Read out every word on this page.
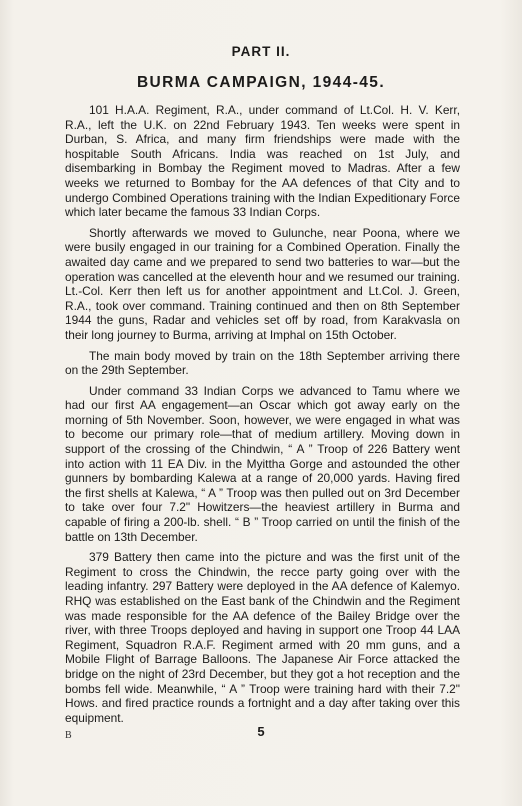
PART II.
BURMA CAMPAIGN, 1944-45.

101 H.A.A. Regiment, R.A., under command of Lt.Col. H. V. Kerr, R.A., left the U.K. on 22nd February 1943. Ten weeks were spent in Durban, S. Africa, and many firm friendships were made with the hospitable South Africans. India was reached on 1st July, and disembarking in Bombay the Regiment moved to Madras. After a few weeks we returned to Bombay for the AA defences of that City and to undergo Combined Operations training with the Indian Expeditionary Force which later became the famous 33 Indian Corps.

Shortly afterwards we moved to Gulunche, near Poona, where we were busily engaged in our training for a Combined Operation. Finally the awaited day came and we prepared to send two batteries to war—but the operation was cancelled at the eleventh hour and we resumed our training. Lt.-Col. Kerr then left us for another appointment and Lt.Col. J. Green, R.A., took over command. Training continued and then on 8th September 1944 the guns, Radar and vehicles set off by road, from Karakvasla on their long journey to Burma, arriving at Imphal on 15th October.

The main body moved by train on the 18th September arriving there on the 29th September.

Under command 33 Indian Corps we advanced to Tamu where we had our first AA engagement—an Oscar which got away early on the morning of 5th November. Soon, however, we were engaged in what was to become our primary role—that of medium artillery. Moving down in support of the crossing of the Chindwin, “ A ” Troop of 226 Battery went into action with 11 EA Div. in the Myittha Gorge and astounded the other gunners by bombarding Kalewa at a range of 20,000 yards. Having fired the first shells at Kalewa, “ A ” Troop was then pulled out on 3rd December to take over four 7.2" Howitzers—the heaviest artillery in Burma and capable of firing a 200-lb. shell. “ B ” Troop carried on until the finish of the battle on 13th December.

379 Battery then came into the picture and was the first unit of the Regiment to cross the Chindwin, the recce party going over with the leading infantry. 297 Battery were deployed in the AA defence of Kalemyo. RHQ was established on the East bank of the Chindwin and the Regiment was made responsible for the AA defence of the Bailey Bridge over the river, with three Troops deployed and having in support one Troop 44 LAA Regiment, Squadron R.A.F. Regiment armed with 20 mm guns, and a Mobile Flight of Barrage Balloons. The Japanese Air Force attacked the bridge on the night of 23rd December, but they got a hot reception and the bombs fell wide. Meanwhile, “ A ” Troop were training hard with their 7.2" Hows. and fired practice rounds a fortnight and a day after taking over this equipment.

B	5
